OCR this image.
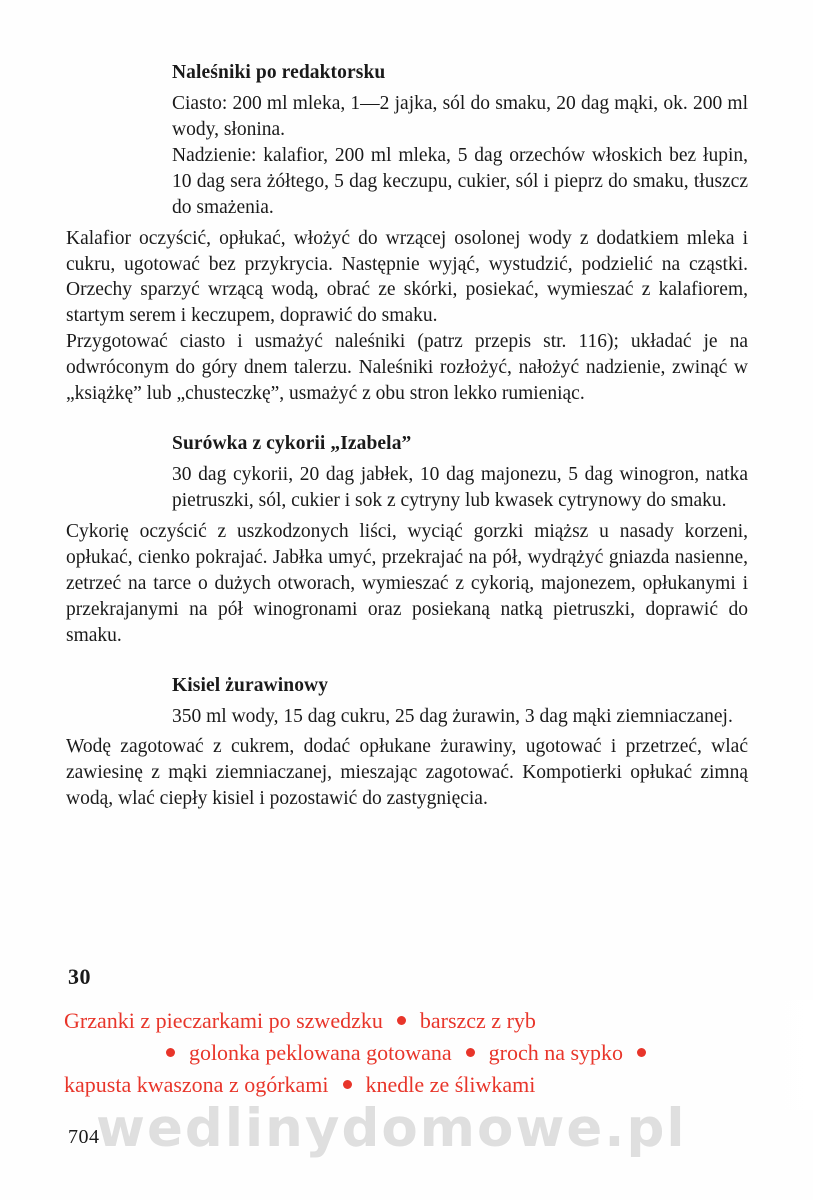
Naleśniki po redaktorsku

Ciasto: 200 ml mleka, 1—2 jajka, sól do smaku, 20 dag mąki, ok. 200 ml wody, słonina.

Nadzienie: kalafior, 200 ml mleka, 5 dag orzechów włoskich bez łupin, 10 dag sera żółtego, 5 dag keczupu, cukier, sól i pieprz do smaku, tłuszcz do smażenia.

Kalafior oczyścić, opłukać, włożyć do wrzącej osolonej wody z dodatkiem mleka i cukru, ugotować bez przykrycia. Następnie wyjąć, wystudzić, podzielić na cząstki. Orzechy sparzyć wrzącą wodą, obrać ze skórki, posiekać, wymieszać z kalafiorem, startym serem i keczupem, doprawić do smaku.

Przygotować ciasto i usmażyć naleśniki (patrz przepis str. 116); układać je na odwróconym do góry dnem talerzu. Naleśniki rozłożyć, nałożyć nadzienie, zwinąć w „książkę” lub „chusteczkę”, usmażyć z obu stron lekko rumieniąc.

Surówka z cykorii „Izabela”

30 dag cykorii, 20 dag jabłek, 10 dag majonezu, 5 dag winogron, natka pietruszki, sól, cukier i sok z cytryny lub kwasek cytrynowy do smaku.

Cykorię oczyścić z uszkodzonych liści, wyciąć gorzki miąższ u nasady korzeni, opłukać, cienko pokrajać. Jabłka umyć, przekrajać na pół, wydrążyć gniazda nasienne, zetrzeć na tarce o dużych otworach, wymieszać z cykorią, majonezem, opłukanymi i przekrajanymi na pół winogronami oraz posiekaną natką pietruszki, doprawić do smaku.

Kisiel żurawinowy

350 ml wody, 15 dag cukru, 25 dag żurawin, 3 dag mąki ziemniaczanej.

Wodę zagotować z cukrem, dodać opłukane żurawiny, ugotować i przetrzeć, wlać zawiesinę z mąki ziemniaczanej, mieszając zagotować. Kompotierki opłukać zimną wodą, wlać ciepły kisiel i pozostawić do zastygnięcia.

30
Grzanki z pieczarkami po szwedzku barszcz z ryb
golonka peklowana gotowana groch na sypko
kapusta kwaszona z ogórkami knedle ze śliwkami
704
wedlinydomowe.pl
